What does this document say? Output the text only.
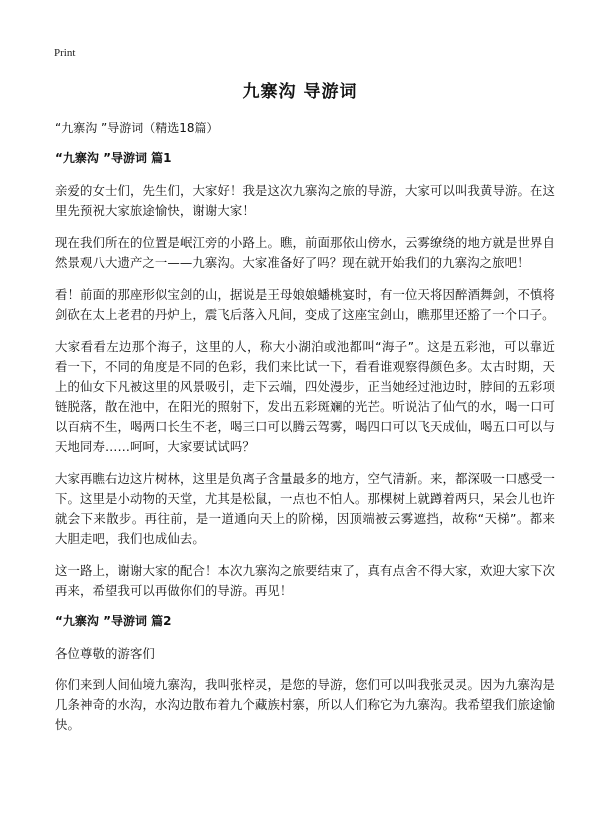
Print
九寨沟 导游词
“九寨沟 ”导游词（精选18篇）
“九寨沟 ”导游词 篇1

亲爱的女士们，先生们，大家好！我是这次九寨沟之旅的导游，大家可以叫我黄导游。在这里先预祝大家旅途愉快，谢谢大家！

现在我们所在的位置是岷江旁的小路上。瞧，前面那依山傍水，云雾缭绕的地方就是世界自然景观八大遗产之一——九寨沟。大家准备好了吗？现在就开始我们的九寨沟之旅吧！

看！前面的那座形似宝剑的山，据说是王母娘娘蟠桃宴时，有一位天将因醉酒舞剑，不慎将剑砍在太上老君的丹炉上，震飞后落入凡间，变成了这座宝剑山，瞧那里还豁了一个口子。

大家看看左边那个海子，这里的人，称大小湖泊或池都叫“海子”。这是五彩池，可以靠近看一下，不同的角度是不同的色彩，我们来比试一下，看看谁观察得颜色多。太古时期，天上的仙女下凡被这里的风景吸引，走下云端，四处漫步，正当她经过池边时，脖间的五彩项链脱落，散在池中，在阳光的照射下，发出五彩斑斓的光芒。听说沾了仙气的水，喝一口可以百病不生，喝两口长生不老，喝三口可以腾云驾雾，喝四口可以飞天成仙，喝五口可以与天地同寿……呵呵，大家要试试吗？

大家再瞧右边这片树林，这里是负离子含量最多的地方，空气清新。来，都深吸一口感受一下。这里是小动物的天堂，尤其是松鼠，一点也不怕人。那棵树上就蹲着两只，呆会儿也许就会下来散步。再往前，是一道通向天上的阶梯，因顶端被云雾遮挡，故称“天梯”。都来大胆走吧，我们也成仙去。

这一路上，谢谢大家的配合！本次九寨沟之旅要结束了，真有点舍不得大家，欢迎大家下次再来，希望我可以再做你们的导游。再见！

“九寨沟 ”导游词 篇2

各位尊敬的游客们

你们来到人间仙境九寨沟，我叫张梓灵，是您的导游，您们可以叫我张灵灵。因为九寨沟是几条神奇的水沟，水沟边散布着九个藏族村寨，所以人们称它为九寨沟。我希望我们旅途愉快。
